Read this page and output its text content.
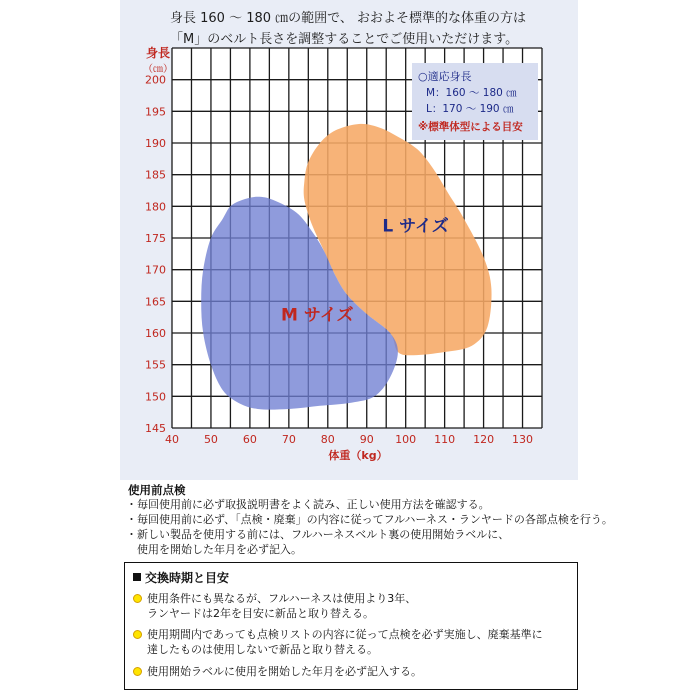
身長 160 ～ 180 ㎝の範囲で、 おおよそ標準的な体重の方は
「M」のベルト長さを調整することでご使用いただけます。
M サイズ
L サイズ
145
150
155
160
165
170
175
180
185
190
195
200
40 50 60 70 80 90 100 110 120 130
身長
（㎝）
体重（kg）
○適応身長
M：160 ～ 180 ㎝
L：170 ～ 190 ㎝
※標準体型による目安
使用前点検
・毎回使用前に必ず取扱説明書をよく読み、正しい使用方法を確認する。
・毎回使用前に必ず、「点検・廃棄」の内容に従ってフルハーネス・ランヤードの各部点検を行う。
・新しい製品を使用する前には、フルハーネスベルト裏の使用開始ラベルに、
　使用を開始した年月を必ず記入。
交換時期と目安
使用条件にも異なるが、フルハーネスは使用より3年、
ランヤードは2年を目安に新品と取り替える。
使用期間内であっても点検リストの内容に従って点検を必ず実施し、廃棄基準に
達したものは使用しないで新品と取り替える。
使用開始ラベルに使用を開始した年月を必ず記入する。
